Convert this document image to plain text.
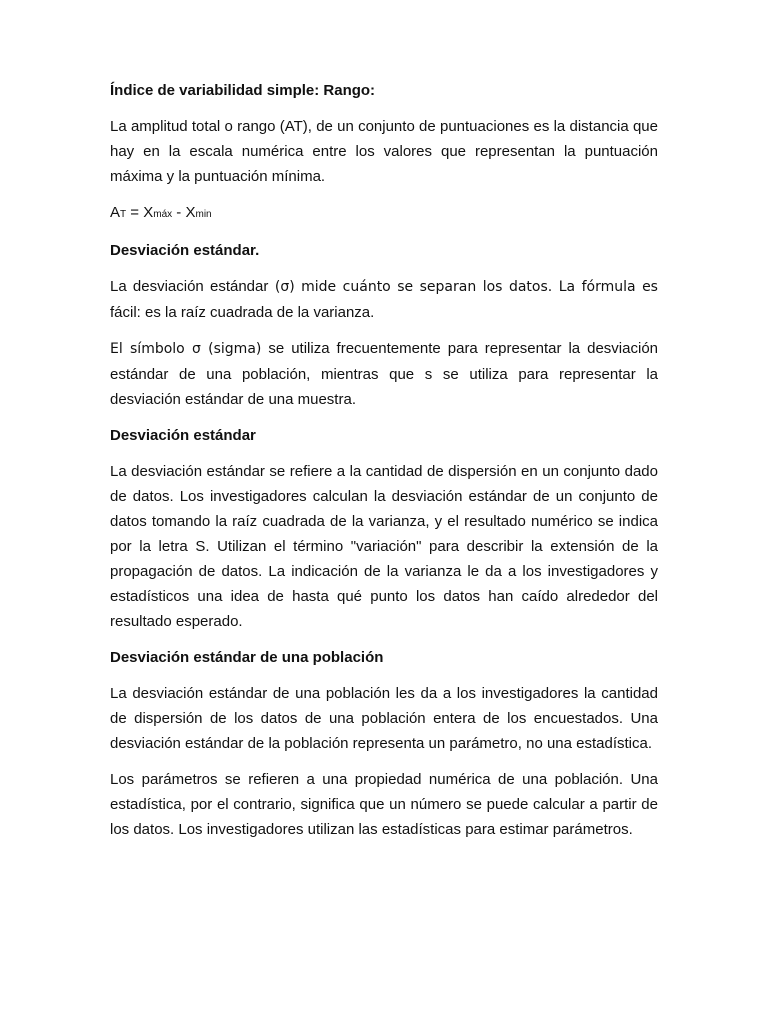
Índice de variabilidad simple: Rango:

La amplitud total o rango (AT), de un conjunto de puntuaciones es la distancia que hay en la escala numérica entre los valores que representan la puntuación máxima y la puntuación mínima.

AT = Xmáx - Xmin

Desviación estándar.

La desviación estándar (σ) mide cuánto se separan los datos. La fórmula es fácil: es la raíz cuadrada de la varianza.

El símbolo σ (sigma) se utiliza frecuentemente para representar la desviación estándar de una población, mientras que s se utiliza para representar la desviación estándar de una muestra.

Desviación estándar

La desviación estándar se refiere a la cantidad de dispersión en un conjunto dado de datos. Los investigadores calculan la desviación estándar de un conjunto de datos tomando la raíz cuadrada de la varianza, y el resultado numérico se indica por la letra S. Utilizan el término "variación" para describir la extensión de la propagación de datos. La indicación de la varianza le da a los investigadores y estadísticos una idea de hasta qué punto los datos han caído alrededor del resultado esperado.

Desviación estándar de una población

La desviación estándar de una población les da a los investigadores la cantidad de dispersión de los datos de una población entera de los encuestados. Una desviación estándar de la población representa un parámetro, no una estadística.

Los parámetros se refieren a una propiedad numérica de una población. Una estadística, por el contrario, significa que un número se puede calcular a partir de los datos. Los investigadores utilizan las estadísticas para estimar parámetros.
